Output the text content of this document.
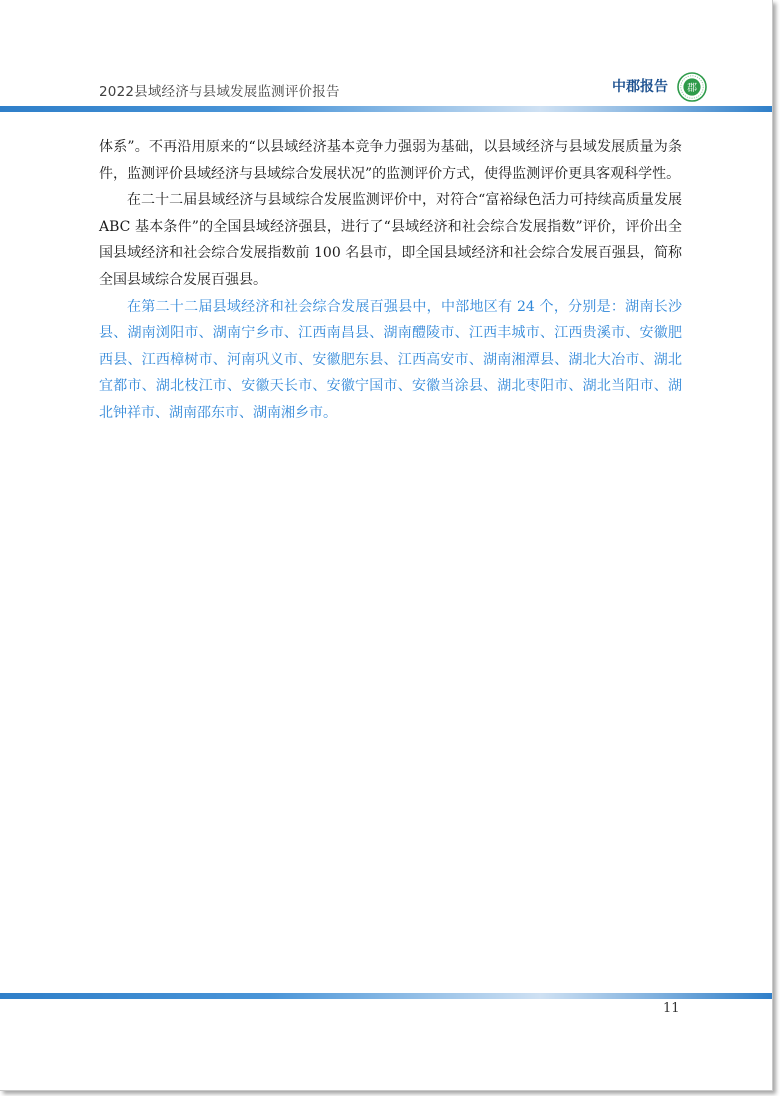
2022县域经济与县域发展监测评价报告	中郡报告 郡

体系”。不再沿用原来的“以县域经济基本竞争力强弱为基础，以县域经济与县域发展质量为条件，监测评价县域经济与县域综合发展状况”的监测评价方式，使得监测评价更具客观科学性。

在二十二届县域经济与县域综合发展监测评价中，对符合“富裕绿色活力可持续高质量发展 ABC 基本条件”的全国县域经济强县，进行了“县域经济和社会综合发展指数”评价，评价出全国县域经济和社会综合发展指数前 100 名县市，即全国县域经济和社会综合发展百强县，简称全国县域综合发展百强县。

在第二十二届县域经济和社会综合发展百强县中，中部地区有 24 个，分别是：湖南长沙县、湖南浏阳市、湖南宁乡市、江西南昌县、湖南醴陵市、江西丰城市、江西贵溪市、安徽肥西县、江西樟树市、河南巩义市、安徽肥东县、江西高安市、湖南湘潭县、湖北大冶市、湖北宜都市、湖北枝江市、安徽天长市、安徽宁国市、安徽当涂县、湖北枣阳市、湖北当阳市、湖北钟祥市、湖南邵东市、湖南湘乡市。

11
